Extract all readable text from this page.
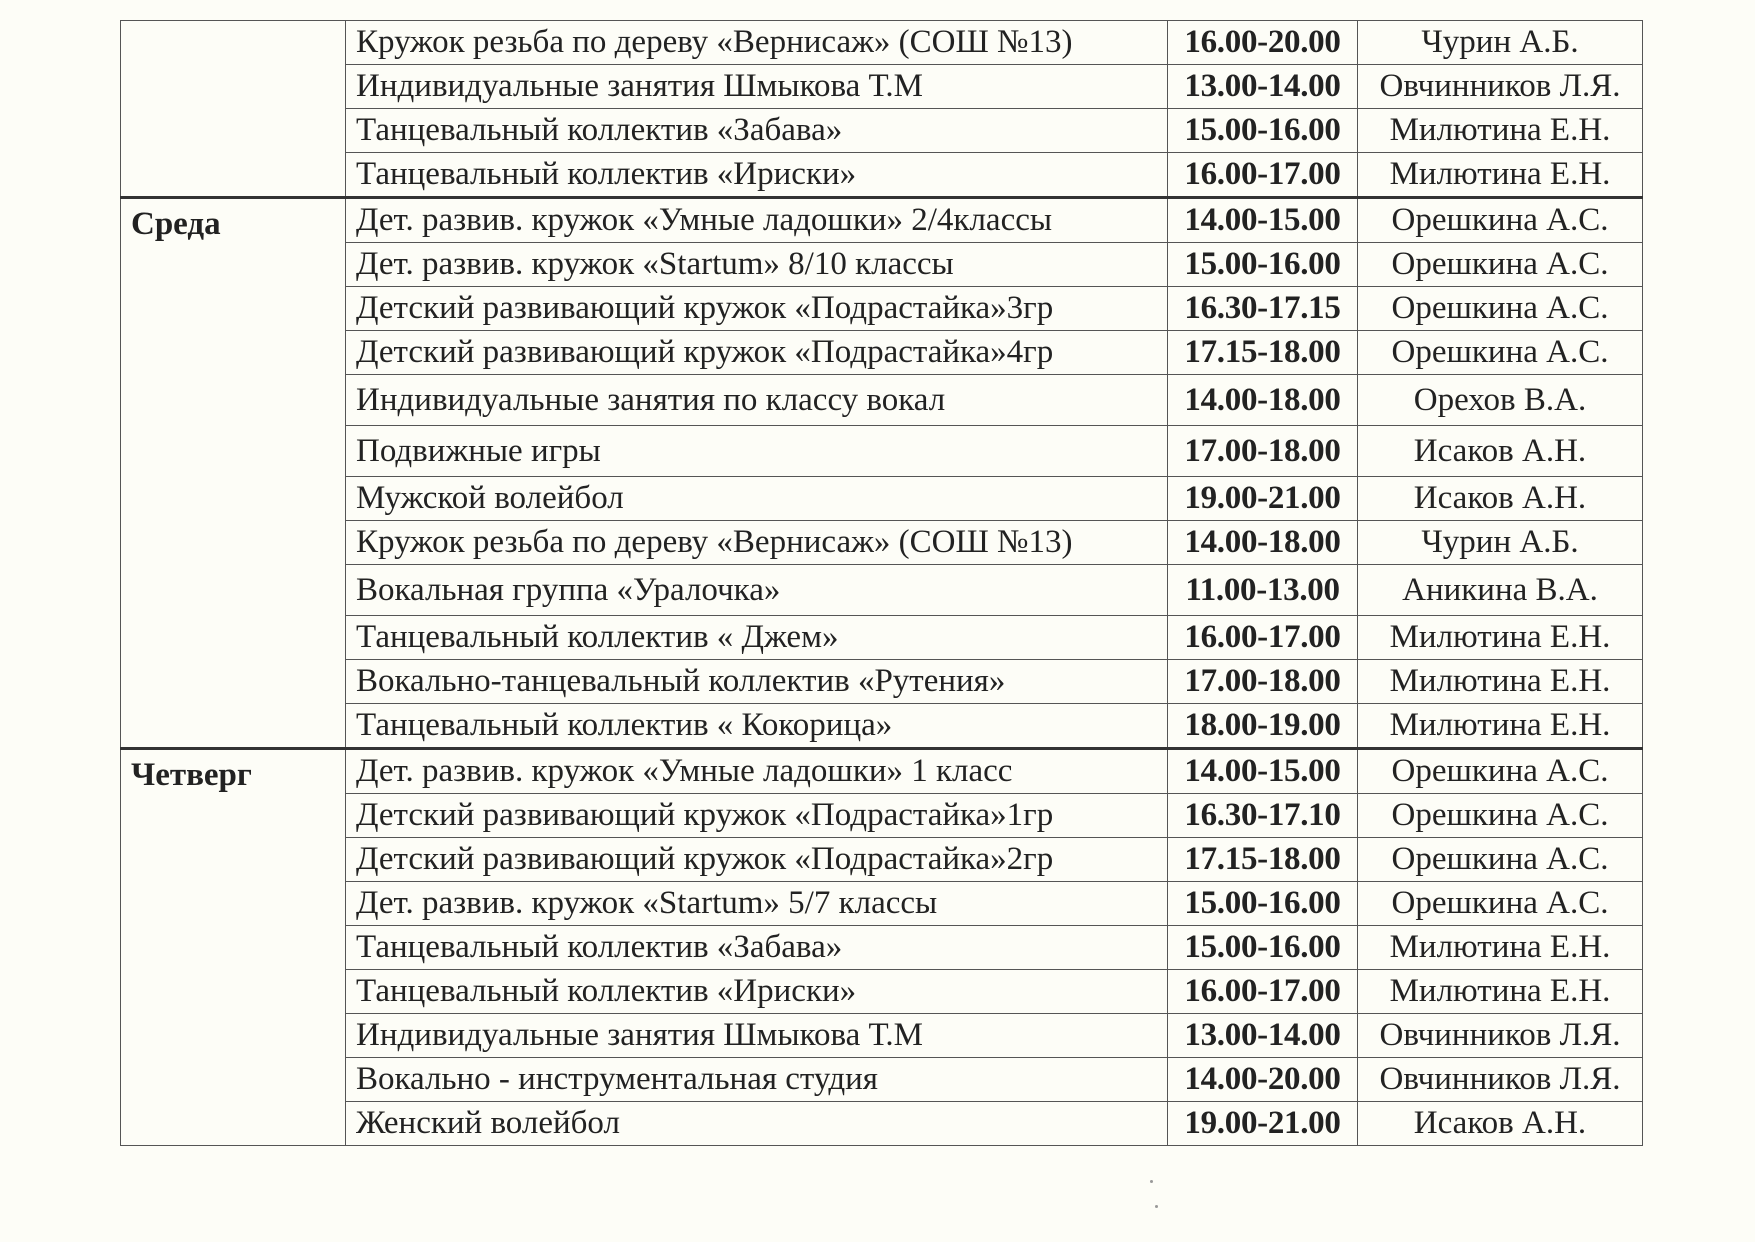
	Кружок резьба по дереву «Вернисаж» (СОШ №13)	16.00-20.00	Чурин А.Б.
	Индивидуальные занятия Шмыкова Т.М	13.00-14.00	Овчинников Л.Я.
	Танцевальный коллектив «Забава»	15.00-16.00	Милютина Е.Н.
	Танцевальный коллектив «Ириски»	16.00-17.00	Милютина Е.Н.
Среда	Дет. развив. кружок «Умные ладошки» 2/4классы	14.00-15.00	Орешкина А.С.
	Дет. развив. кружок «Startum» 8/10 классы	15.00-16.00	Орешкина А.С.
	Детский развивающий кружок «Подрастайка»3гр	16.30-17.15	Орешкина А.С.
	Детский развивающий кружок «Подрастайка»4гр	17.15-18.00	Орешкина А.С.
	Индивидуальные занятия по классу вокал	14.00-18.00	Орехов В.А.
	Подвижные игры	17.00-18.00	Исаков А.Н.
	Мужской волейбол	19.00-21.00	Исаков А.Н.
	Кружок резьба по дереву «Вернисаж» (СОШ №13)	14.00-18.00	Чурин А.Б.
	Вокальная группа «Уралочка»	11.00-13.00	Аникина В.А.
	Танцевальный коллектив « Джем»	16.00-17.00	Милютина Е.Н.
	Вокально-танцевальный коллектив «Рутения»	17.00-18.00	Милютина Е.Н.
	Танцевальный коллектив « Кокорица»	18.00-19.00	Милютина Е.Н.
Четверг	Дет. развив. кружок «Умные ладошки» 1 класс	14.00-15.00	Орешкина А.С.
	Детский развивающий кружок «Подрастайка»1гр	16.30-17.10	Орешкина А.С.
	Детский развивающий кружок «Подрастайка»2гр	17.15-18.00	Орешкина А.С.
	Дет. развив. кружок «Startum» 5/7 классы	15.00-16.00	Орешкина А.С.
	Танцевальный коллектив «Забава»	15.00-16.00	Милютина Е.Н.
	Танцевальный коллектив «Ириски»	16.00-17.00	Милютина Е.Н.
	Индивидуальные занятия Шмыкова Т.М	13.00-14.00	Овчинников Л.Я.
	Вокально - инструментальная студия	14.00-20.00	Овчинников Л.Я.
	Женский волейбол	19.00-21.00	Исаков А.Н.
